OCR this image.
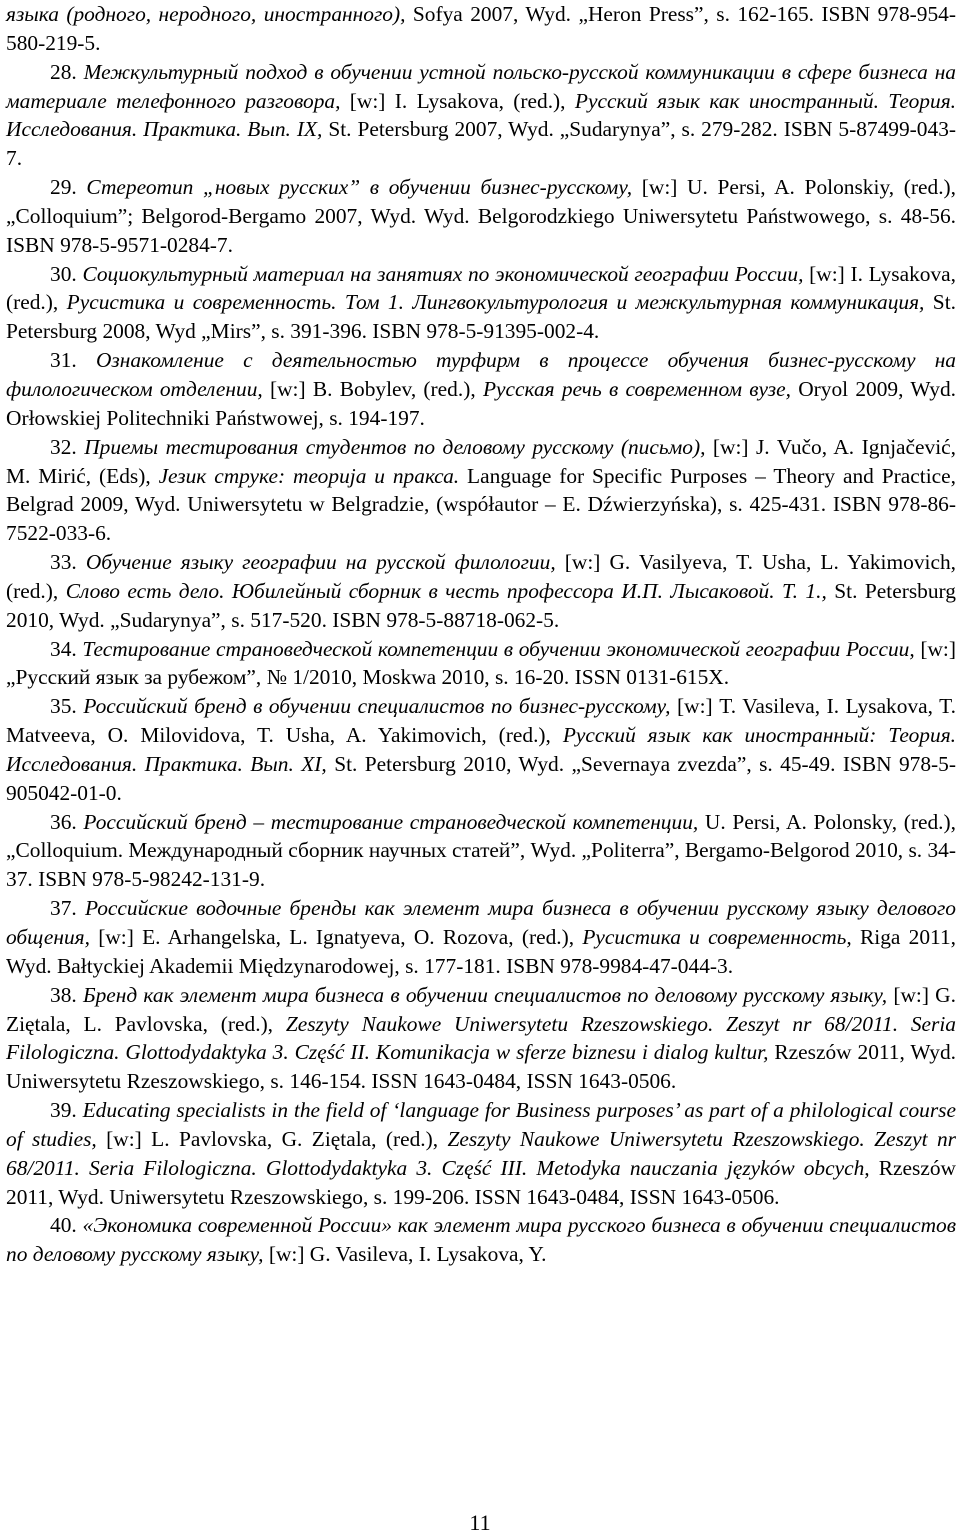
языка (родного, неродного, иностранного), Sofya 2007, Wyd. „Heron Press”, s. 162-165. ISBN 978-954-580-219-5.

28. Межкультурный подход в обучении устной польско-русской коммуникации в сфере бизнеса на материале телефонного разговора, [w:] I. Lysakova, (red.), Русский язык как иностранный. Теория. Исследования. Практика. Вып. IX, St. Petersburg 2007, Wyd. „Sudarynya”, s. 279-282. ISBN 5-87499-043-7.

29. Стереотип „новых русских” в обучении бизнес-русскому, [w:] U. Persi, A. Polonskiy, (red.), „Colloquium”; Belgorod-Bergamo 2007, Wyd. Wyd. Belgorodzkiego Uniwersytetu Państwowego, s. 48-56. ISBN 978-5-9571-0284-7.

30. Социокультурный материал на занятиях по экономической географии России, [w:] I. Lysakova, (red.), Русистика и современность. Том 1. Лингвокультурология и межкультурная коммуникация, St. Petersburg 2008, Wyd „Mirs”, s. 391-396. ISBN 978-5-91395-002-4.

31. Ознакомление с деятельностью турфирм в процессе обучения бизнес-русскому на филологическом отделении, [w:] B. Bobylev, (red.), Русская речь в современном вузе, Oryol 2009, Wyd. Orłowskiej Politechniki Państwowej, s. 194-197.

32. Приемы тестирования студентов по деловому русскому (письмо), [w:] J. Vučo, A. Ignjačević, M. Mirić, (Eds), Језик струке: теорија и пракса. Language for Specific Purposes – Theory and Practice, Belgrad 2009, Wyd. Uniwersytetu w Belgradzie, (współautor – E. Dźwierzyńska), s. 425-431. ISBN 978-86-7522-033-6.

33. Обучение языку географии на русской филологии, [w:] G. Vasilyeva, T. Usha, L. Yakimovich, (red.), Слово есть дело. Юбилейный сборник в честь профессора И.П. Лысаковой. Т. 1., St. Petersburg 2010, Wyd. „Sudarynya”, s. 517-520. ISBN 978-5-88718-062-5.

34. Тестирование страноведческой компетенции в обучении экономической географии России, [w:] „Русский язык за рубежом”, № 1/2010, Moskwa 2010, s. 16-20. ISSN 0131-615X.

35. Российский бренд в обучении специалистов по бизнес-русскому, [w:] T. Vasileva, I. Lysakova, T. Matveeva, O. Milovidova, T. Usha, A. Yakimovich, (red.), Русский язык как иностранный: Теория. Исследования. Практика. Вып. XI, St. Petersburg 2010, Wyd. „Severnaya zvezda”, s. 45-49. ISBN 978-5-905042-01-0.

36. Российский бренд – тестирование страноведческой компетенции, U. Persi, A. Polonsky, (red.), „Colloquium. Международный сборник научных статей”, Wyd. „Politerra”, Bergamo-Belgorod 2010, s. 34-37. ISBN 978-5-98242-131-9.

37. Российские водочные бренды как элемент мира бизнеса в обучении русскому языку делового общения, [w:] E. Arhangelska, L. Ignatyeva, O. Rozova, (red.), Русистика и современность, Riga 2011, Wyd. Bałtyckiej Akademii Międzynarodowej, s. 177-181. ISBN 978-9984-47-044-3.

38. Бренд как элемент мира бизнеса в обучении специалистов по деловому русскому языку, [w:] G. Ziętala, L. Pavlovska, (red.), Zeszyty Naukowe Uniwersytetu Rzeszowskiego. Zeszyt nr 68/2011. Seria Filologiczna. Glottodydaktyka 3. Część II. Komunikacja w sferze biznesu i dialog kultur, Rzeszów 2011, Wyd. Uniwersytetu Rzeszowskiego, s. 146-154. ISSN 1643-0484, ISSN 1643-0506.

39. Educating specialists in the field of ‘language for Business purposes’ as part of a philological course of studies, [w:] L. Pavlovska, G. Ziętala, (red.), Zeszyty Naukowe Uniwersytetu Rzeszowskiego. Zeszyt nr 68/2011. Seria Filologiczna. Glottodydaktyka 3. Część III. Metodyka nauczania języków obcych, Rzeszów 2011, Wyd. Uniwersytetu Rzeszowskiego, s. 199-206. ISSN 1643-0484, ISSN 1643-0506.

40. «Экономика современной России» как элемент мира русского бизнеса в обучении специалистов по деловому русскому языку, [w:] G. Vasileva, I. Lysakova, Y.

11
